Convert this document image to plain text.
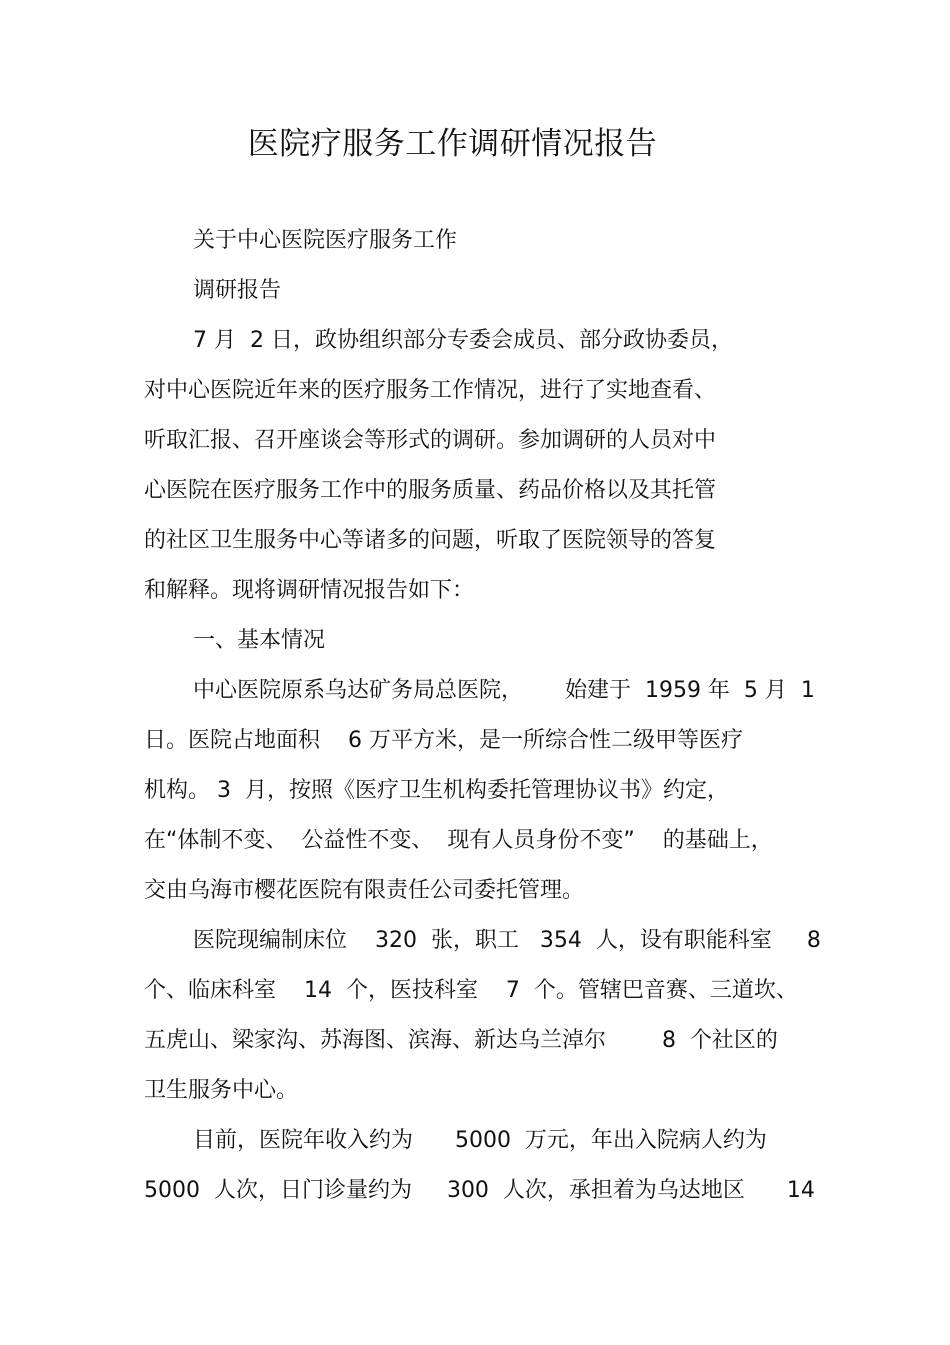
医院疗服务工作调研情况报告
关于中心医院医疗服务工作
调研报告
7 月  2 日，政协组织部分专委会成员、部分政协委员，
对中心医院近年来的医疗服务工作情况，进行了实地查看、
听取汇报、召开座谈会等形式的调研。参加调研的人员对中
心医院在医疗服务工作中的服务质量、药品价格以及其托管
的社区卫生服务中心等诸多的问题，听取了医院领导的答复
和解释。现将调研情况报告如下：
一、基本情况
中心医院原系乌达矿务局总医院，      始建于  1959 年  5 月  1
日。医院占地面积    6 万平方米，是一所综合性二级甲等医疗
机构。 3  月，按照《医疗卫生机构委托管理协议书》约定，
在“体制不变、  公益性不变、  现有人员身份不变”    的基础上，
交由乌海市樱花医院有限责任公司委托管理。
医院现编制床位    320  张，职工   354  人，设有职能科室     8
个、临床科室    14  个，医技科室    7  个。管辖巴音赛、三道坎、
五虎山、梁家沟、苏海图、滨海、新达乌兰淖尔        8  个社区的
卫生服务中心。
目前，医院年收入约为      5000  万元，年出入院病人约为
5000  人次，日门诊量约为     300  人次，承担着为乌达地区      14
